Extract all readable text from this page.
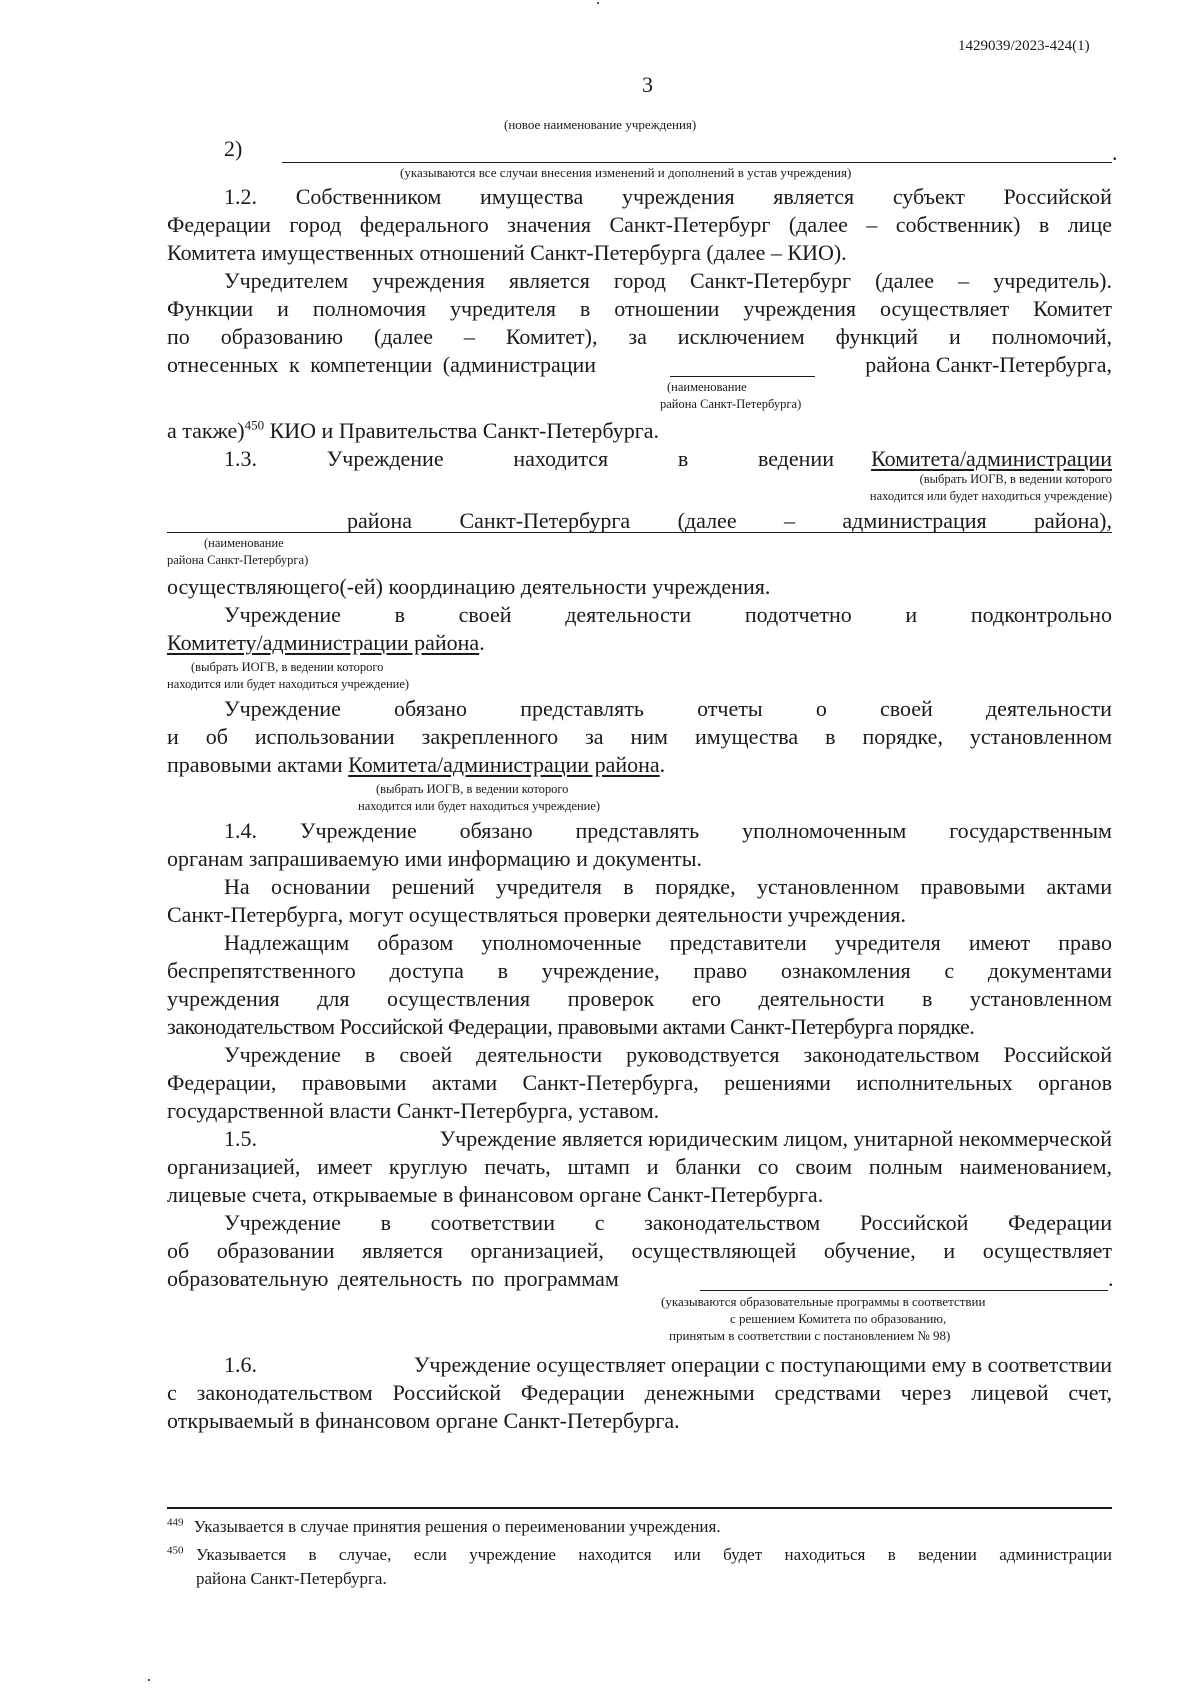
1429039/2023-424(1)
3
(новое наименование учреждения)
2)	.
(указываются все случаи внесения изменений и дополнений в устав учреждения)
1.2. Собственником имущества учреждения является субъект Российской
Федерации город федерального значения Санкт-Петербург (далее – собственник) в лице
Комитета имущественных отношений Санкт-Петербурга (далее – КИО).
Учредителем учреждения является город Санкт-Петербург (далее – учредитель).
Функции и полномочия учредителя в отношении учреждения осуществляет Комитет
по образованию (далее – Комитет), за исключением функций и полномочий,
отнесенных к компетенции (администрации	района Санкт-Петербурга,
(наименование
района Санкт-Петербурга)
а также)$^{450}$ КИО и Правительства Санкт-Петербурга.
1.3.	Учреждение	находится	в	ведении	Комитета/администрации
(выбрать ИОГВ, в ведении которого
находится или будет находиться учреждение)
района Санкт-Петербурга (далее – администрация района),
(наименование
района Санкт-Петербурга)
осуществляющего(-ей) координацию деятельности учреждения.
Учреждение в своей деятельности подотчетно и подконтрольно
Комитету/администрации района.
(выбрать ИОГВ, в ведении которого
находится или будет находиться учреждение)
Учреждение обязано представлять отчеты о своей деятельности
и об использовании закрепленного за ним имущества в порядке, установленном
правовыми актами Комитета/администрации района.
(выбрать ИОГВ, в ведении которого
находится или будет находиться учреждение)
1.4. Учреждение обязано представлять уполномоченным государственным
органам запрашиваемую ими информацию и документы.
На основании решений учредителя в порядке, установленном правовыми актами
Санкт-Петербурга, могут осуществляться проверки деятельности учреждения.
Надлежащим образом уполномоченные представители учредителя имеют право
беспрепятственного доступа в учреждение, право ознакомления с документами
учреждения для осуществления проверок его деятельности в установленном
законодательством Российской Федерации, правовыми актами Санкт-Петербурга порядке.
Учреждение в своей деятельности руководствуется законодательством Российской
Федерации, правовыми актами Санкт-Петербурга, решениями исполнительных органов
государственной власти Санкт-Петербурга, уставом.
1.5.	Учреждение является юридическим лицом, унитарной некоммерческой
организацией, имеет круглую печать, штамп и бланки со своим полным наименованием,
лицевые счета, открываемые в финансовом органе Санкт-Петербурга.
Учреждение в соответствии с законодательством Российской Федерации
об образовании является организацией, осуществляющей обучение, и осуществляет
образовательную деятельность по программам	.
(указываются образовательные программы в соответствии
с решением Комитета по образованию,
принятым в соответствии с постановлением № 98)
1.6.	Учреждение осуществляет операции с поступающими ему в соответствии
с законодательством Российской Федерации денежными средствами через лицевой счет,
открываемый в финансовом органе Санкт-Петербурга.
$^{449}$ Указывается в случае принятия решения о переименовании учреждения.
$^{450}$ Указывается в случае, если учреждение находится или будет находиться в ведении администрации
района Санкт-Петербурга.
